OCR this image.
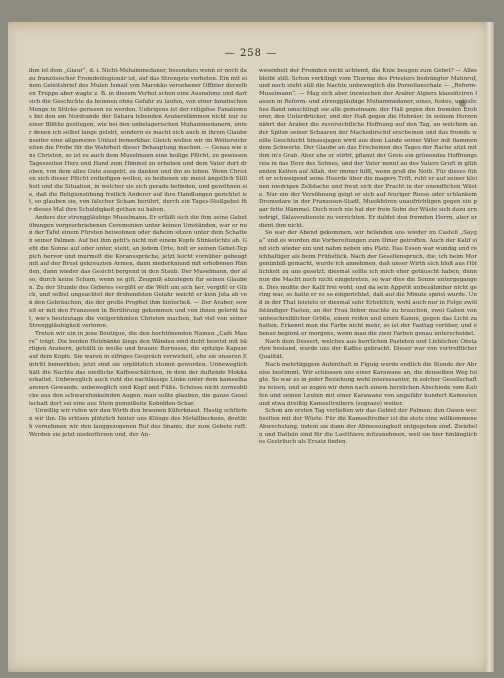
— 258 —

ihm ist dem „Giaur“, d. i. Nicht-Mohammedaner, besonders wenn er noch dazu französischer Fremdenlegionär ist, auf das Strengste verboten. Ein mit einem Geleitsbrief des Mulen Ismail von Marokko versehener Offizier derselben Truppe aber wagte z. B. in diesem Verbot schon eine Ausnahme und darf sich die Geschichte da beinnen ohne Gefahr zu laufen, von einer fanatischen Menge in Stücke gerissen zu werden. Uebrigens ist der religiöse Fanatismus bei den am Nordrande der Sahara lebenden Araberstämmen nicht nur zu einer Blüthe gestiegen, wie bei den unbelagerischen Muhammedanern, unter denen ich selbst lange gelebt, sondern es macht sich auch in ihrem Glaubenseifer eine allgemeine Unlust bemerkbar. Gleich wollen wir im Weitersichreiten die Probe für die Wahrheit dieser Behauptung machen. — Genau wie uns Christen, so ist es auch dem Muselmann eine heilige Pflicht, zu gewissen Tageszeiten Herz und Hand zum Himmel zu erheben und dem Vater dort droben, von dem alles Gute ausgeht, zu danken und ihn zu loben. Wenn Christen sich dieser Pflicht entledigen wollen, so bedienen sie meist ängstlich Stillheit und die Situation, in welcher sie sich gerade befinden, und gewöhnen sie, daß die Religionsübung freilich Anderer auf ihre Handlungen gerichtet ist, so glauben sie, von falscher Scham berührt, durch ein Tages-Stoßgebet für dieses Mal ihre Schuldigkeit gethan zu haben.

Anders der strenggläubige Muselmann. Er erläßt sich die ihm seine Gebetübungen vorgeschriebenen Ceremonien unter keinen Umständen, war er nun der Tafel einem Fürsten beiwohnen oder daheim sitzen unter dem Schatten seiner Palmen. Auf bei ihm geht's nicht mit einem Kopfe Stinkelichts ab. Geht die Sonne auf oder unter, steht, an jedem Orte, holt er seinen Gebet-Teppich hervor und murmelt die Koranssprüche, jetzt leicht vornüber gebeugt mit auf der Brust gekreuzten Armen, dann niederkniend mit erhobenen Händen, dann wieder das Gesicht bergend in den Staub. Der Muselmann, der also, durch keine Scham, wenn es gilt, Zeugniß abzulegen für seinen Glauben. Zu der Stunde des Gebetes vergißt er die Welt um sich her, vergißt er Glück, und selbst ungeachtet der drohendsten Gefahr weicht er kein Jota ab von den Gebräuchen, die der große Prophet ihm hinterließ. — Der Araber, soweit er mit den Franzosen in Berührung gekommen und von ihnen gelernt hat, wie's heutzutage die vielgerühmten Christen machen, hat viel von seiner Strenggläubigkeit verloren.

Treten wir ein in jene Boutique, die den hochtönenden Namen „Café Maure“ trägt. Die beiden Holzbänke längs den Wänden sind dicht besetzt mit bärtigen Arabern, gehüllt in weiße und braune Burnusse, die spitzige Kapuze auf dem Kopfe. Sie waren in eifriges Gespräch verwickelt, ehe sie unseren Eintritt bemerkten; jetzt sind sie urplötzlich stumm geworden. Unbeweglich hält die Nachte das niedliche Kaffeeschälchen, in dem der duftende Mokka erkaltet. Unbeweglich auch ruht die nachlässige Linke unter dem kameelhaarenen Gewande, unbeweglich sind Kopf und Füße. Schösse nicht zornesblicke aus den schwarzfunkelnden Augen, man sollte glauben, die ganze Gesellschaft dort sei eine aus Stein gemeißelte Kobolden-Schar.

Unwillig wir rufen wir den Wirth den braunen Küferknaut. Hastig schlürfen wir ihn. Da erlösen plötzlich hinter uns Klänge des Metallbeckens, deutlich vernehmen wir den langgezogenen Ruf des Imams, der zum Gebete ruft. Werden sie jetzt niederfürzen und, der An-

wesenheit der Fremden nicht achtend, die Knie beugen zum Gebet? — Alles bleibt still. Schon verklingt vom Thurme des Priesters bedrängter Mahnruf, und noch steht still die Nachte unbeweglich die Porzellanschale — „Reform-Muselmann“. — Mag sich aber inzwischen der Araber Algiers klassificiren lassen in Reform- und strenggläubige Muhammedaner, eines, festes, unlösliches Band umschlingt sie alle gemeinsam: der Haß gegen den fremden Eroberer, den Unterdrücker, und der Haß gegen die Hebräer. In seinem Herzen nährt der Araber die zuversichtliche Hoffnung auf den Tag, an welchem an der Spitze seiner Schaaren der Machedirschif erscheinen und das fremde weiße Geschlecht hinausjagen wird aus dem Lande seiner Väter mit flammendem Schwerte. Der Glaube an das Erscheinen des Tages der Rache sitzt mit ihm in's Grab. Aber ehe er stirbt, pflanzt der Greis ein grünendes Hoffnungsreis in das Herz des Sohnes, und der Vater nennt an des Vaters Gruft in glühenden Ketten auf Allah, der immer hilft, wenn groß die Noth. Für dieses führt er schweigend seine Heerde über die magere Trift, ruht er auf seiner kleinen niedrigen Zeltdache und freut sich der Pracht in der unendlichen Wüste. Nur ein der Versöhnung geigt er sich auf feuriger Rosse oder schlankem Dromedare in der Franzosen-Stadt, Musikhören unaufrichtigen gegen ein paar fette Hämmel. Doch noch nie hat der freie Sohn der Wüste sich dazu erniedrigt, Sklavendienste zu verrichten. Er duldet den fremden Herrn, aber er dient ihm nicht.

So war der Abend gekommen, wir befanden uns wieder im Castell „Sayga“ und es wurden die Vorbereitungen zum Diner getroffen. Auch der Kalif sind sich wieder ein und nahm neben uns Platz. Das Essen war wundig und reichhaltiger als beim Frühstück. Nach der Gesellenspruch, die, ich beim Morgenimbiß gemacht, wurde ich annehmen, daß unser Wirth sich bloß aus Höflichkeit zu uns gesetzt; diesmal sollte ich mich eher getäuscht haben, denn nun die Macht noch nicht eingetreten, so war dies die Sonne untergegangen. Dies mußte der Kalif frei wohl, und da sein Appetit unbezähmbar nicht gering war, so hatte er es so eingerichtet, daß auf die Minute speist wurde. Und in der That leistete er diesmal sehr Erheblich, wohl auch nur in Folge zwölfstündiger Fasten, an der Frau lieber machte zu brauchen, zwei Gaben von unbeschreiblicher Größe, einen reifen und einen Kanne, gegen das Licht zu halten. Erkennt man die Farbe nicht mehr, so ist der Fasttag vorüber, und ebenso beginnt er morgens, wenn man die zwei Farben genau unterscheidet.

Nach dem Dessert, welches aus herrlichen Pasteten und Lieblichen Obstarten bestand, wurde uns der Kaffee gebracht. Dieser war von vortrefflicher Qualität.

Nach mehrtägigem Aufenthalt in Figuig wurde endlich die Stunde der Abreise bestimmt. Wir schlossen uns einer Karawane an, die denselben Weg folgte. So war es in jeder Beziehung wohl interessanter, in solcher Gesellschaft zu reisen, und so zogen wir denn nach einem herzlichen Abschiede vom Kalifen und seinen Leuten mit einer Karawane von ungefähr hundert Kameelen und etwa dreißig Kameeltreibern (sograzo) weiter.

Schon am ersten Tag verließen wir das Gebiet der Palmen; den Oasen wechselten mit der Wüste. Für die Kameeltreiber ist die stets eine willkommene Abwechslung, indem sie dann der Abmessungkeit entgegeben sind. Zwiebeln und Datteln sind für die Lastthiere mitzunehmen, weil sie hier hinlängliches Gesträuch als Ersatz finden.
